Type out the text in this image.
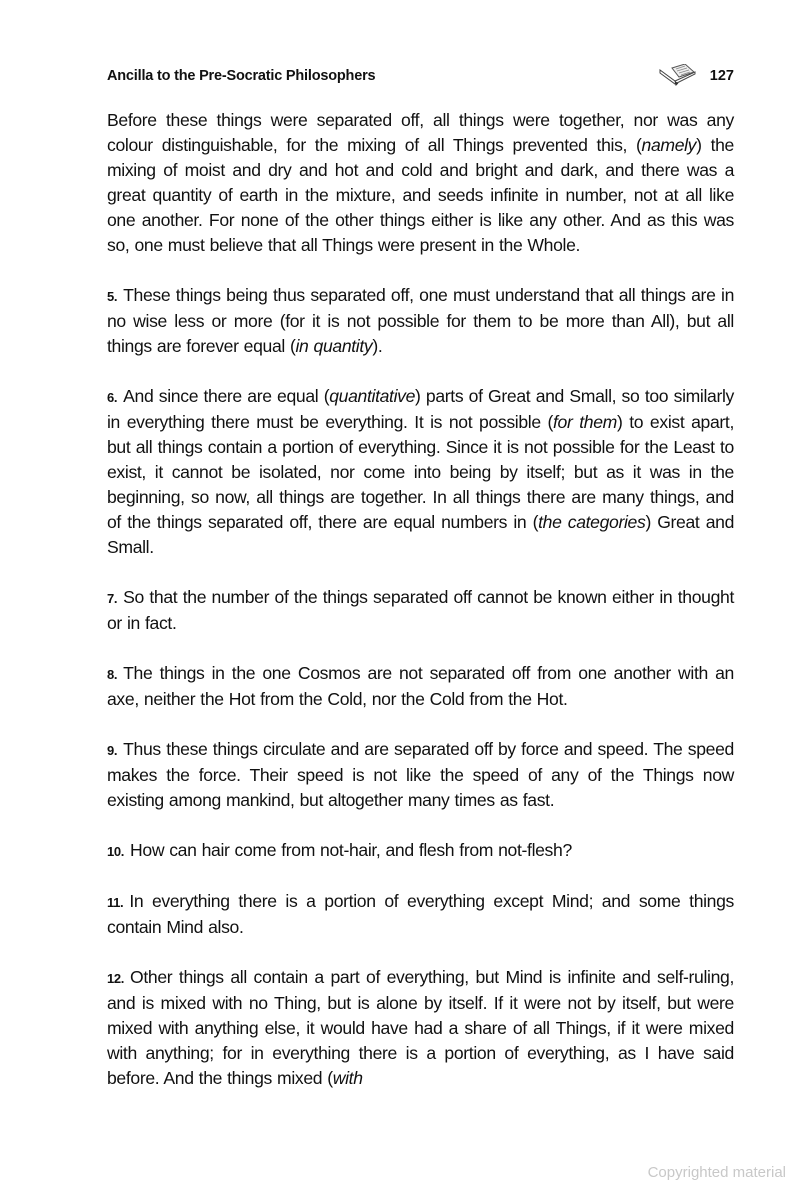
Ancilla to the Pre-Socratic Philosophers	127

Before these things were separated off, all things were together, nor was any colour distinguishable, for the mixing of all Things prevented this, (namely) the mixing of moist and dry and hot and cold and bright and dark, and there was a great quantity of earth in the mixture, and seeds infinite in number, not at all like one another. For none of the other things either is like any other. And as this was so, one must believe that all Things were present in the Whole.

5. These things being thus separated off, one must understand that all things are in no wise less or more (for it is not possible for them to be more than All), but all things are forever equal (in quantity).

6. And since there are equal (quantitative) parts of Great and Small, so too similarly in everything there must be everything. It is not possible (for them) to exist apart, but all things contain a portion of everything. Since it is not possible for the Least to exist, it cannot be isolated, nor come into being by itself; but as it was in the beginning, so now, all things are together. In all things there are many things, and of the things separated off, there are equal numbers in (the categories) Great and Small.

7. So that the number of the things separated off cannot be known either in thought or in fact.

8. The things in the one Cosmos are not separated off from one another with an axe, neither the Hot from the Cold, nor the Cold from the Hot.

9. Thus these things circulate and are separated off by force and speed. The speed makes the force. Their speed is not like the speed of any of the Things now existing among mankind, but altogether many times as fast.

10. How can hair come from not-hair, and flesh from not-flesh?

11. In everything there is a portion of everything except Mind; and some things contain Mind also.

12. Other things all contain a part of everything, but Mind is infinite and self-ruling, and is mixed with no Thing, but is alone by itself. If it were not by itself, but were mixed with anything else, it would have had a share of all Things, if it were mixed with anything; for in everything there is a portion of everything, as I have said before. And the things mixed (with

Copyrighted material
